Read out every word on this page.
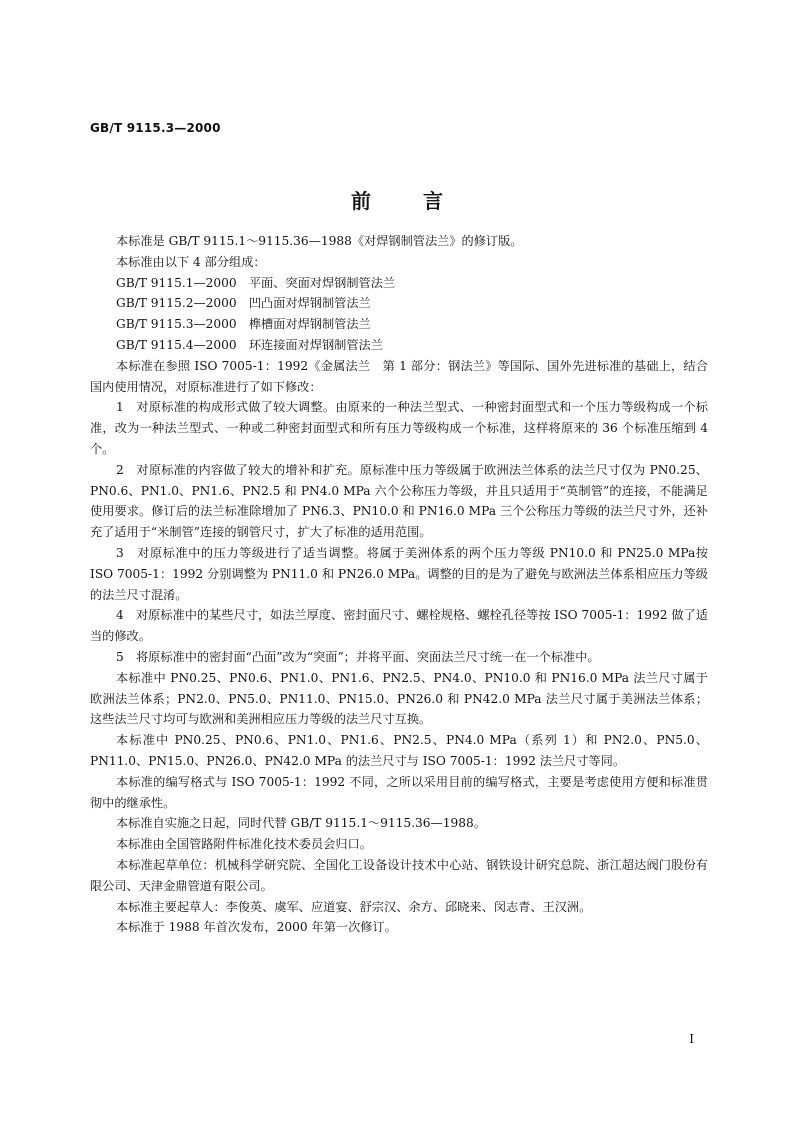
GB/T 9115.3—2000
前言

本标准是 GB/T 9115.1～9115.36—1988《对焊钢制管法兰》的修订版。

本标准由以下 4 部分组成：

GB/T 9115.1—2000　平面、突面对焊钢制管法兰

GB/T 9115.2—2000　凹凸面对焊钢制管法兰

GB/T 9115.3—2000　榫槽面对焊钢制管法兰

GB/T 9115.4—2000　环连接面对焊钢制管法兰

本标准在参照 ISO 7005-1：1992《金属法兰　第 1 部分：钢法兰》等国际、国外先进标准的基础上，结合国内使用情况，对原标准进行了如下修改：

1　对原标准的构成形式做了较大调整。由原来的一种法兰型式、一种密封面型式和一个压力等级构成一个标准，改为一种法兰型式、一种或二种密封面型式和所有压力等级构成一个标准，这样将原来的 36 个标准压缩到 4 个。

2　对原标准的内容做了较大的增补和扩充。原标准中压力等级属于欧洲法兰体系的法兰尺寸仅为 PN0.25、PN0.6、PN1.0、PN1.6、PN2.5 和 PN4.0 MPa 六个公称压力等级，并且只适用于“英制管”的连接，不能满足使用要求。修订后的法兰标准除增加了 PN6.3、PN10.0 和 PN16.0 MPa 三个公称压力等级的法兰尺寸外，还补充了适用于“米制管”连接的钢管尺寸，扩大了标准的适用范围。

3　对原标准中的压力等级进行了适当调整。将属于美洲体系的两个压力等级 PN10.0 和 PN25.0 MPa按 ISO 7005-1：1992 分别调整为 PN11.0 和 PN26.0 MPa。调整的目的是为了避免与欧洲法兰体系相应压力等级的法兰尺寸混淆。

4　对原标准中的某些尺寸，如法兰厚度、密封面尺寸、螺栓规格、螺栓孔径等按 ISO 7005-1：1992 做了适当的修改。

5　将原标准中的密封面“凸面”改为“突面”；并将平面、突面法兰尺寸统一在一个标准中。

本标准中 PN0.25、PN0.6、PN1.0、PN1.6、PN2.5、PN4.0、PN10.0 和 PN16.0 MPa 法兰尺寸属于欧洲法兰体系；PN2.0、PN5.0、PN11.0、PN15.0、PN26.0 和 PN42.0 MPa 法兰尺寸属于美洲法兰体系；这些法兰尺寸均可与欧洲和美洲相应压力等级的法兰尺寸互换。

本标准中 PN0.25、PN0.6、PN1.0、PN1.6、PN2.5、PN4.0 MPa（系列 1）和 PN2.0、PN5.0、PN11.0、PN15.0、PN26.0、PN42.0 MPa 的法兰尺寸与 ISO 7005-1：1992 法兰尺寸等同。

本标准的编写格式与 ISO 7005-1：1992 不同，之所以采用目前的编写格式，主要是考虑使用方便和标准贯彻中的继承性。

本标准自实施之日起，同时代替 GB/T 9115.1～9115.36—1988。

本标准由全国管路附件标准化技术委员会归口。

本标准起草单位：机械科学研究院、全国化工设备设计技术中心站、钢铁设计研究总院、浙江超达阀门股份有限公司、天津金鼎管道有限公司。

本标准主要起草人：李俊英、虞军、应道宴、舒宗汉、余方、邱晓来、闵志青、王汉洲。

本标准于 1988 年首次发布，2000 年第一次修订。

I
